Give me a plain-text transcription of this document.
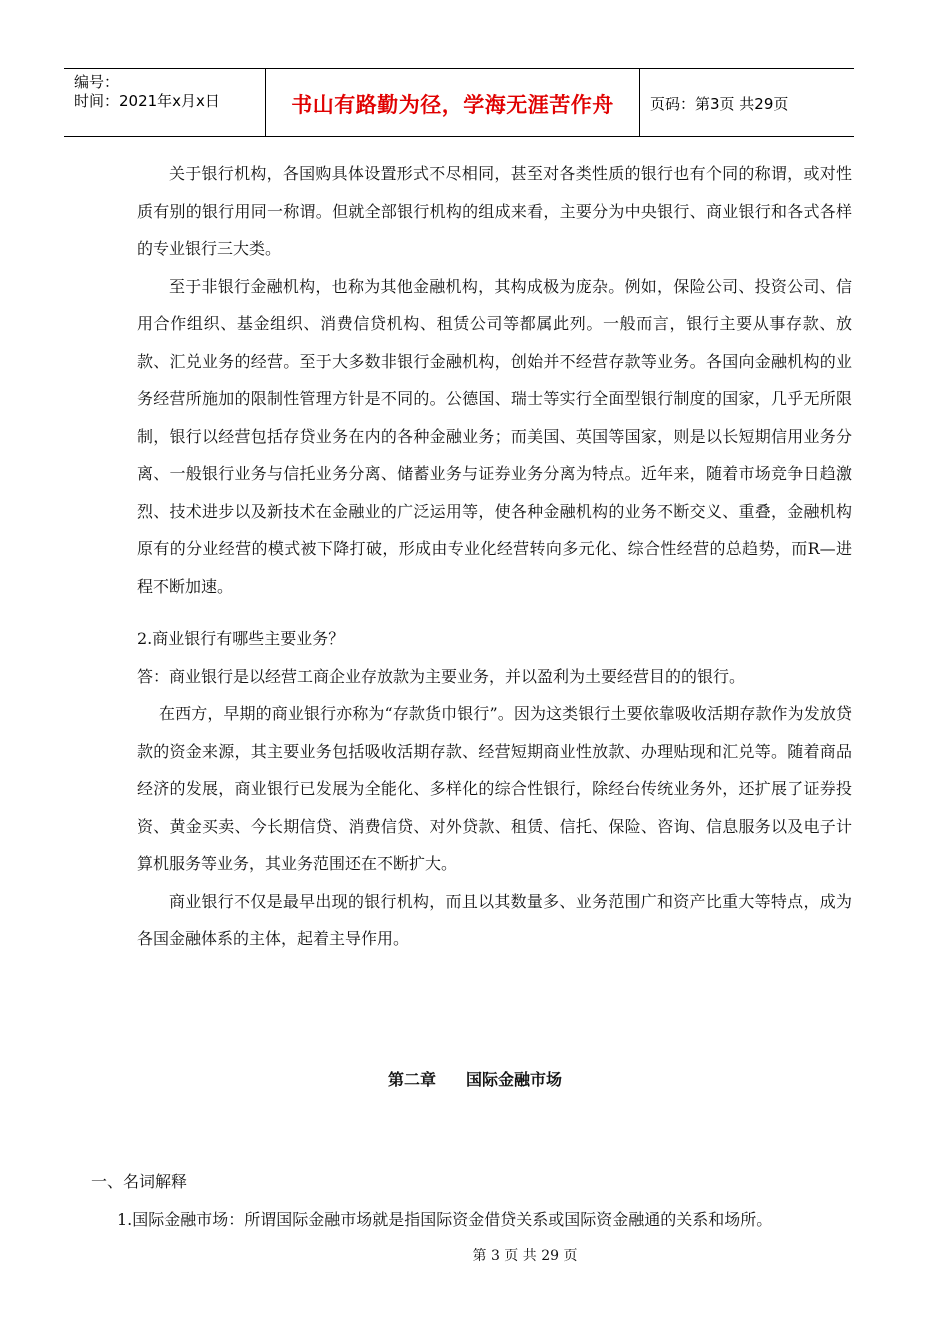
编号：
时间：2021年x月x日	书山有路勤为径，学海无涯苦作舟	页码：第3页 共29页

关于银行机构，各国购具体设置形式不尽相同，甚至对各类性质的银行也有个同的称谓，或对性质有别的银行用同一称谓。但就全部银行机构的组成来看，主要分为中央银行、商业银行和各式各样的专业银行三大类。

至于非银行金融机构，也称为其他金融机构，其构成极为庞杂。例如，保险公司、投资公司、信用合作组织、基金组织、消费信贷机构、租赁公司等都属此列。一般而言，银行主要从事存款、放款、汇兑业务的经营。至于大多数非银行金融机构，创始并不经营存款等业务。各国向金融机构的业务经营所施加的限制性管理方针是不同的。公德国、瑞士等实行全面型银行制度的国家，几乎无所限制，银行以经营包括存贷业务在内的各种金融业务；而美国、英国等国家，则是以长短期信用业务分离、一般银行业务与信托业务分离、储蓄业务与证券业务分离为特点。近年来，随着市场竞争日趋激烈、技术进步以及新技术在金融业的广泛运用等，使各种金融机构的业务不断交义、重叠，金融机构原有的分业经营的模式被下降打破，形成由专业化经营转向多元化、综合性经营的总趋势，而R—进程不断加速。

2.商业银行有哪些主要业务？

答：商业银行是以经营工商企业存放款为主要业务，并以盈利为土要经营目的的银行。

在西方，早期的商业银行亦称为“存款货巾银行”。因为这类银行土要依靠吸收活期存款作为发放贷款的资金来源，其主要业务包括吸收活期存款、经营短期商业性放款、办理贴现和汇兑等。随着商品经济的发展，商业银行已发展为全能化、多样化的综合性银行，除经台传统业务外，还扩展了证券投资、黄金买卖、今长期信贷、消费信贷、对外贷款、租赁、信托、保险、咨询、信息服务以及电子计算机服务等业务，其业务范围还在不断扩大。

商业银行不仅是最早出现的银行机构，而且以其数量多、业务范围广和资产比重大等特点，成为各国金融体系的主体，起着主导作用。

第二章 国际金融市场
一、名词解释
1.国际金融市场：所谓国际金融市场就是指国际资金借贷关系或国际资金融通的关系和场所。
第 3 页 共 29 页
